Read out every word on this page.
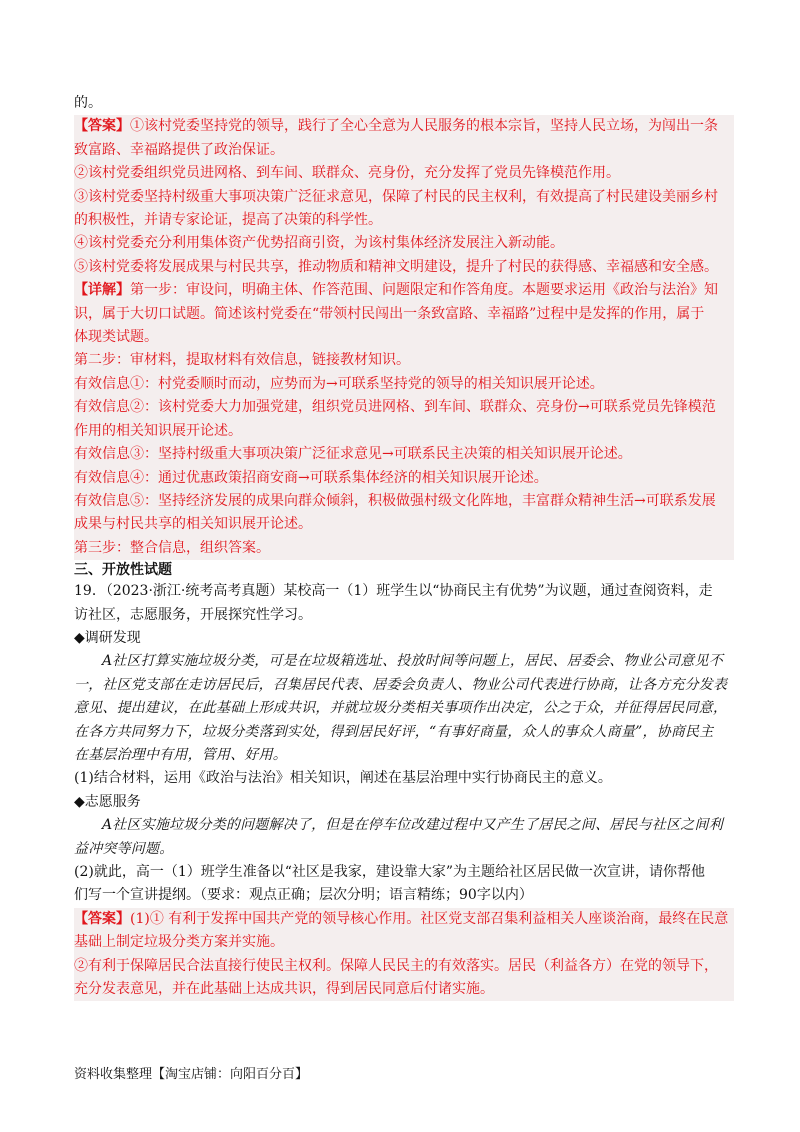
的。

【答案】①该村党委坚持党的领导，践行了全心全意为人民服务的根本宗旨，坚持人民立场，为闯出一条

致富路、幸福路提供了政治保证。

②该村党委组织党员进网格、到车间、联群众、亮身份，充分发挥了党员先锋模范作用。

③该村党委坚持村级重大事项决策广泛征求意见，保障了村民的民主权利，有效提高了村民建设美丽乡村

的积极性，并请专家论证，提高了决策的科学性。

④该村党委充分利用集体资产优势招商引资，为该村集体经济发展注入新动能。

⑤该村党委将发展成果与村民共享，推动物质和精神文明建设，提升了村民的获得感、幸福感和安全感。

【详解】第一步：审设问，明确主体、作答范围、问题限定和作答角度。本题要求运用《政治与法治》知

识，属于大切口试题。简述该村党委在“带领村民闯出一条致富路、幸福路”过程中是发挥的作用，属于

体现类试题。

第二步：审材料，提取材料有效信息，链接教材知识。

有效信息①：村党委顺时而动，应势而为→可联系坚持党的领导的相关知识展开论述。

有效信息②：该村党委大力加强党建，组织党员进网格、到车间、联群众、亮身份→可联系党员先锋模范

作用的相关知识展开论述。

有效信息③：坚持村级重大事项决策广泛征求意见→可联系民主决策的相关知识展开论述。

有效信息④：通过优惠政策招商安商→可联系集体经济的相关知识展开论述。

有效信息⑤：坚持经济发展的成果向群众倾斜，积极做强村级文化阵地，丰富群众精神生活→可联系发展

成果与村民共享的相关知识展开论述。

第三步：整合信息，组织答案。

三、开放性试题

19．（2023·浙江·统考高考真题）某校高一（1）班学生以“协商民主有优势”为议题，通过查阅资料，走

访社区，志愿服务，开展探究性学习。

◆调研发现

A社区打算实施垃圾分类，可是在垃圾箱选址、投放时间等问题上，居民、居委会、物业公司意见不

一，社区党支部在走访居民后，召集居民代表、居委会负责人、物业公司代表进行协商，让各方充分发表

意见、提出建议，在此基础上形成共识，并就垃圾分类相关事项作出决定，公之于众，并征得居民同意，

在各方共同努力下，垃圾分类落到实处，得到居民好评，“有事好商量，众人的事众人商量”，协商民主

在基层治理中有用，管用、好用。

(1)结合材料，运用《政治与法治》相关知识，阐述在基层治理中实行协商民主的意义。

◆志愿服务

A社区实施垃圾分类的问题解决了，但是在停车位改建过程中又产生了居民之间、居民与社区之间利

益冲突等问题。

(2)就此，高一（1）班学生准备以“社区是我家，建设靠大家”为主题给社区居民做一次宣讲，请你帮他

们写一个宣讲提纲。（要求：观点正确；层次分明；语言精练；90字以内）

【答案】(1)① 有利于发挥中国共产党的领导核心作用。社区党支部召集利益相关人座谈治商，最终在民意

基础上制定垃圾分类方案并实施。

②有利于保障居民合法直接行使民主权利。保障人民民主的有效落实。居民（利益各方）在党的领导下，

充分发表意见，并在此基础上达成共识，得到居民同意后付诸实施。

资料收集整理【淘宝店铺：向阳百分百】
